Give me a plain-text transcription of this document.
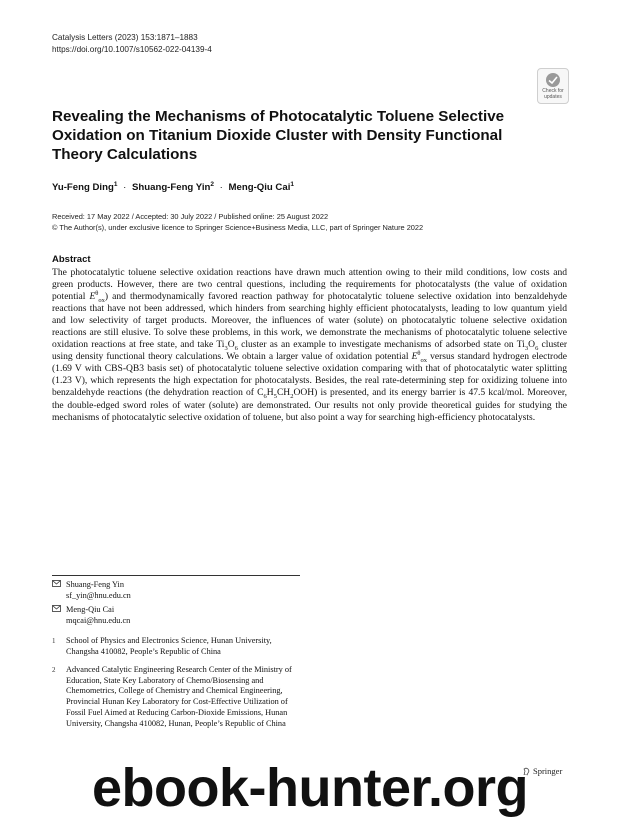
Catalysis Letters (2023) 153:1871–1883
https://doi.org/10.1007/s10562-022-04139-4
Check for
updates
Revealing the Mechanisms of Photocatalytic Toluene Selective Oxidation on Titanium Dioxide Cluster with Density Functional Theory Calculations
Yu-Feng Ding$^1$ · Shuang-Feng Yin$^2$ · Meng-Qiu Cai$^1$
Received: 17 May 2022 / Accepted: 30 July 2022 / Published online: 25 August 2022
© The Author(s), under exclusive licence to Springer Science+Business Media, LLC, part of Springer Nature 2022
Abstract
The photocatalytic toluene selective oxidation reactions have drawn much attention owing to their mild conditions, low costs and green products. However, there are two central questions, including the requirements for photocatalysts (the value of oxidation potential $E^\theta_{ox}$) and thermodynamically favored reaction pathway for photocatalytic toluene selective oxidation into benzaldehyde reactions that have not been addressed, which hinders from searching highly efficient photocatalysts, leading to low quantum yield and low selectivity of target products. Moreover, the influences of water (solute) on photocatalytic toluene selective oxidation reactions are still elusive. To solve these problems, in this work, we demonstrate the mechanisms of photocatalytic toluene selective oxidation reactions at free state, and take $Ti_3O_6$ cluster as an example to investigate mechanisms of adsorbed state on $Ti_3O_6$ cluster using density functional theory calculations. We obtain a larger value of oxidation potential $E^\theta_{ox}$ versus standard hydrogen electrode (1.69 V with CBS-QB3 basis set) of photocatalytic toluene selective oxidation comparing with that of photocatalytic water splitting (1.23 V), which represents the high expectation for photocatalysts. Besides, the real rate-determining step for oxidizing toluene into benzaldehyde reactions (the dehydration reaction of $C_6H_5CH_2OOH$) is presented, and its energy barrier is 47.5 kcal/mol. Moreover, the double-edged sword roles of water (solute) are demonstrated. Our results not only provide theoretical guides for studying the mechanisms of photocatalytic selective oxidation of toluene, but also point a way for searching high-efficiency photocatalysts.
Shuang-Feng Yin
sf_yin@hnu.edu.cn
Meng-Qiu Cai
mqcai@hnu.edu.cn
1	School of Physics and Electronics Science, Hunan University, Changsha 410082, People’s Republic of China
2	Advanced Catalytic Engineering Research Center of the Ministry of Education, State Key Laboratory of Chemo/Biosensing and Chemometrics, College of Chemistry and Chemical Engineering, Provincial Hunan Key Laboratory for Cost-Effective Utilization of Fossil Fuel Aimed at Reducing Carbon-Dioxide Emissions, Hunan University, Changsha 410082, Hunan, People’s Republic of China
Springer
ebook-hunter.org
